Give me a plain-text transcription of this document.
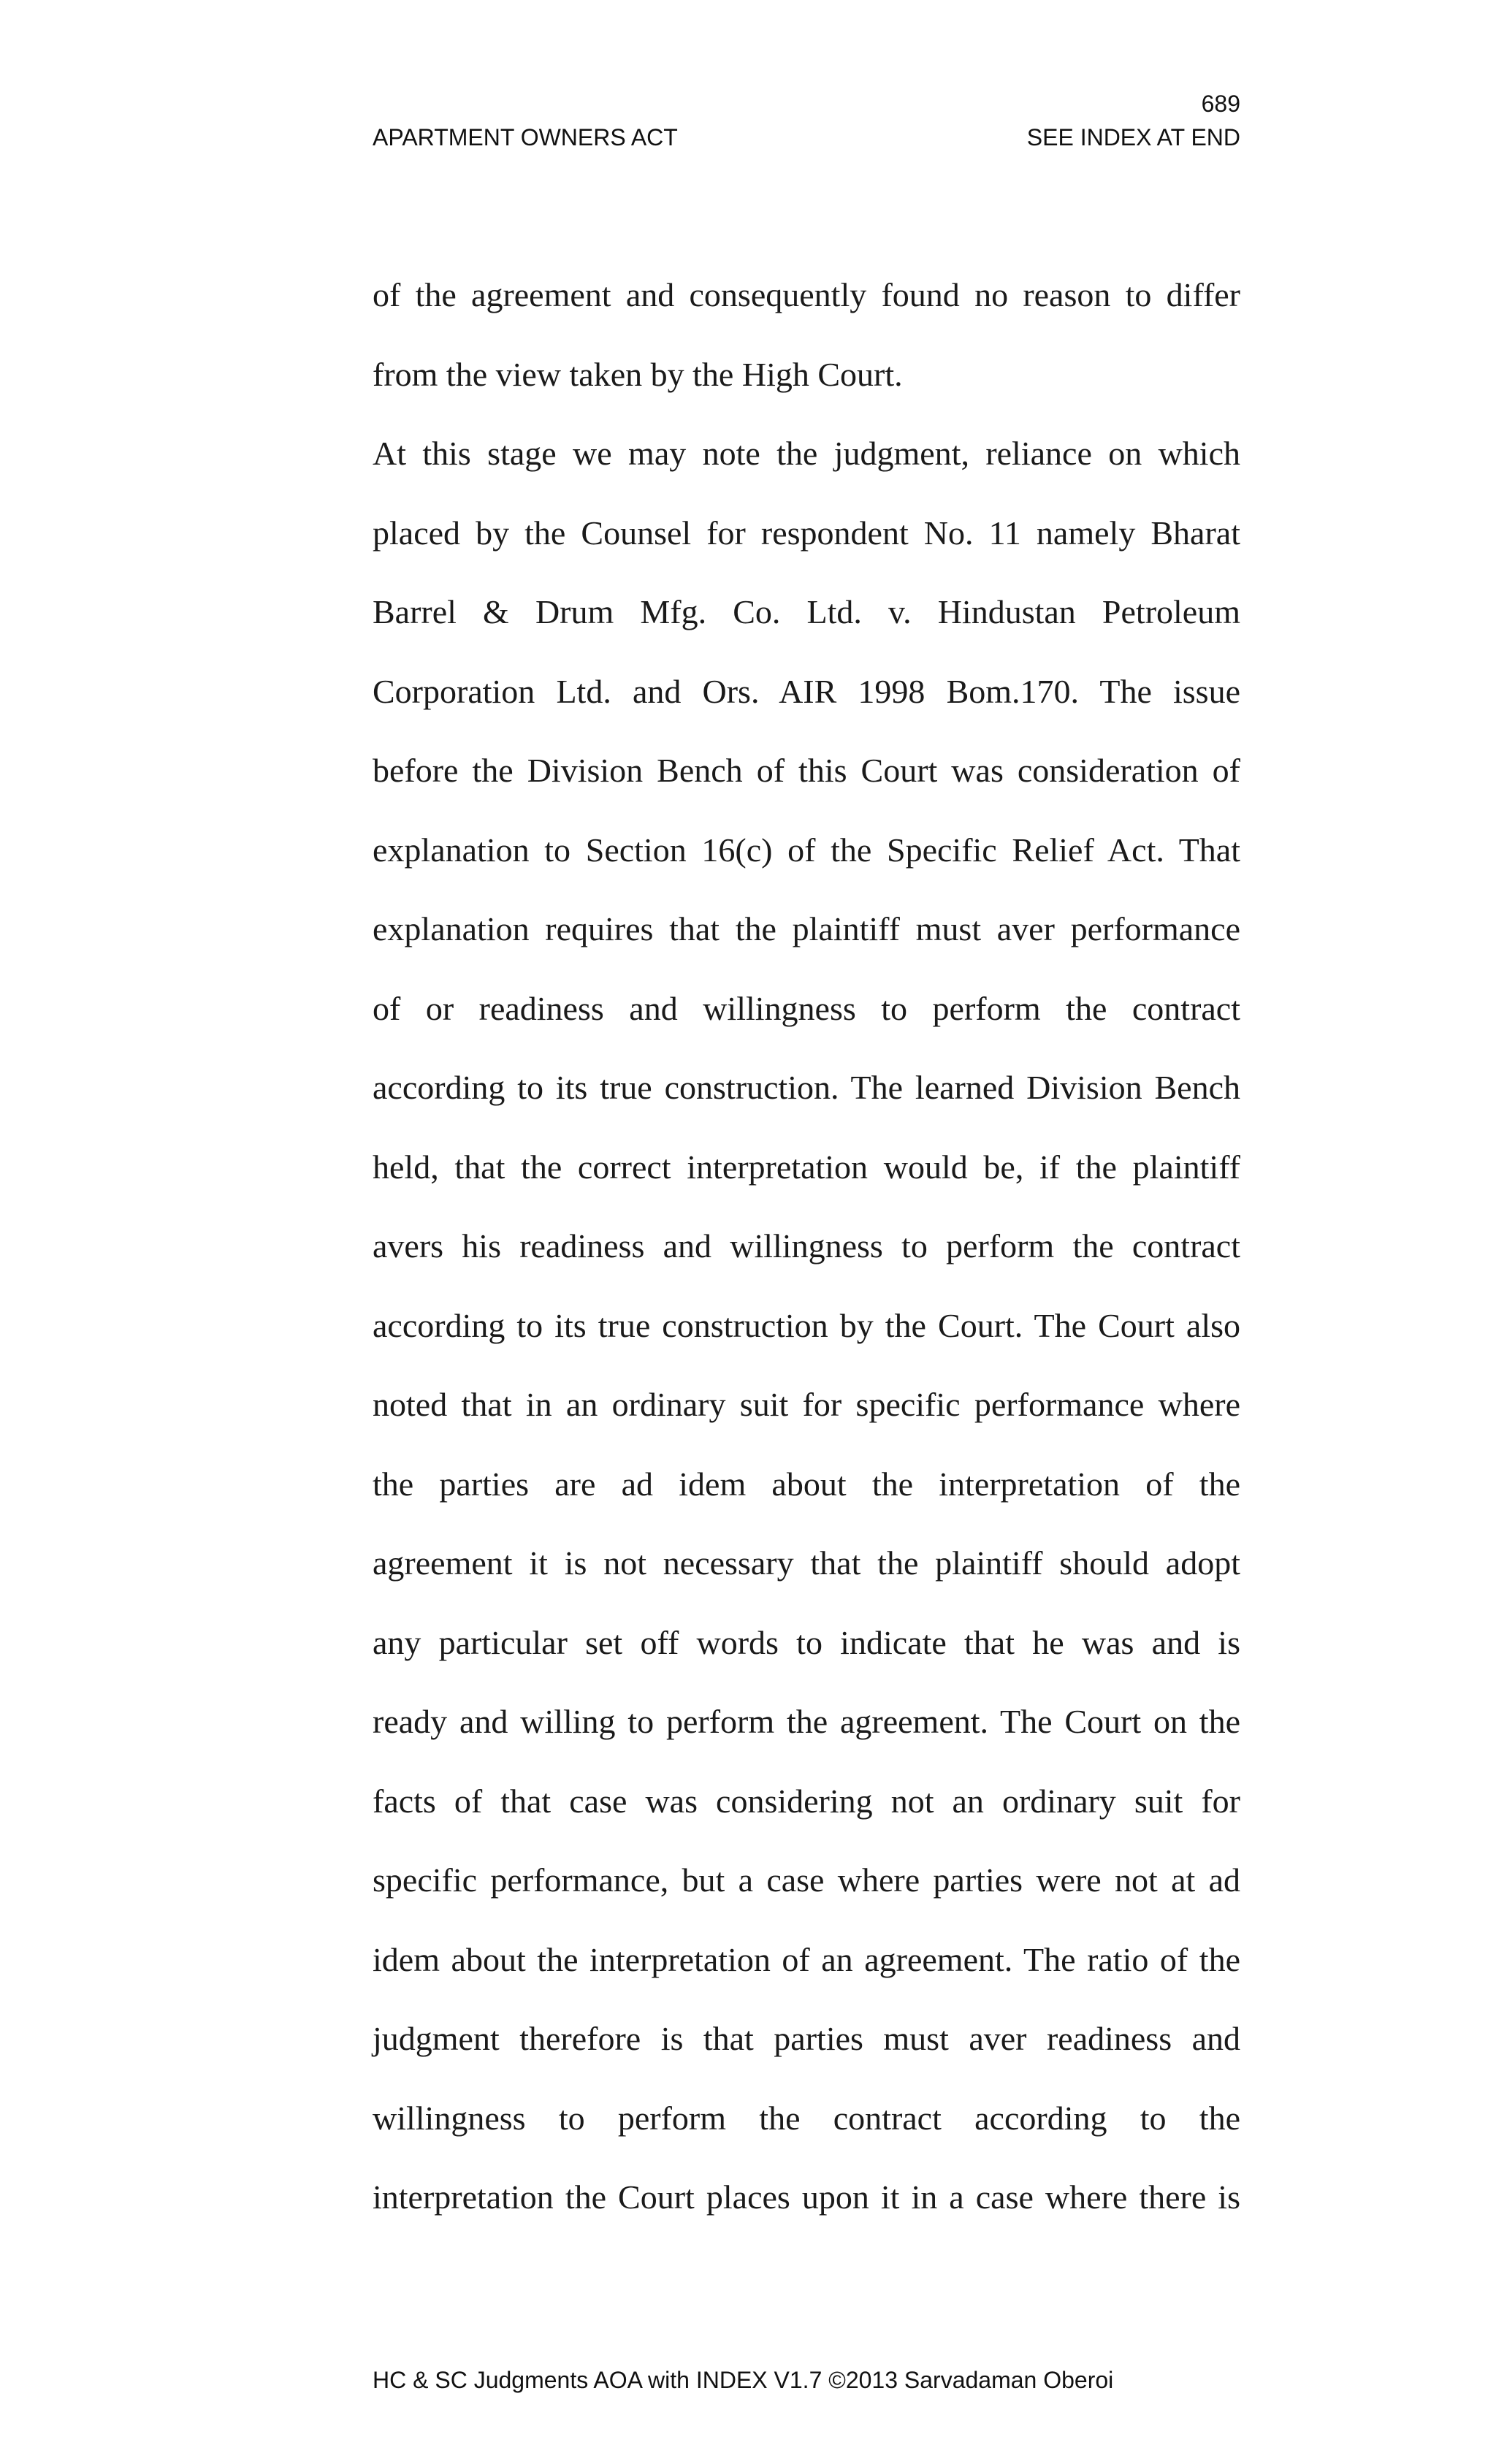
689
APARTMENT OWNERS ACT	SEE INDEX AT END

of the agreement and consequently found no reason to differ

from the view taken by the High Court.

At this stage we may note the judgment, reliance on which

placed by the Counsel for respondent No. 11 namely Bharat

Barrel & Drum Mfg. Co. Ltd. v. Hindustan Petroleum

Corporation Ltd. and Ors. AIR 1998 Bom.170. The issue

before the Division Bench of this Court was consideration of

explanation to Section 16(c) of the Specific Relief Act. That

explanation requires that the plaintiff must aver performance

of or readiness and willingness to perform the contract

according to its true construction. The learned Division Bench

held, that the correct interpretation would be, if the plaintiff

avers his readiness and willingness to perform the contract

according to its true construction by the Court. The Court also

noted that in an ordinary suit for specific performance where

the parties are ad idem about the interpretation of the

agreement it is not necessary that the plaintiff should adopt

any particular set off words to indicate that he was and is

ready and willing to perform the agreement. The Court on the

facts of that case was considering not an ordinary suit for

specific performance, but a case where parties were not at ad

idem about the interpretation of an agreement. The ratio of the

judgment therefore is that parties must aver readiness and

willingness to perform the contract according to the

interpretation the Court places upon it in a case where there is

HC & SC Judgments AOA with INDEX V1.7 ©2013 Sarvadaman Oberoi
